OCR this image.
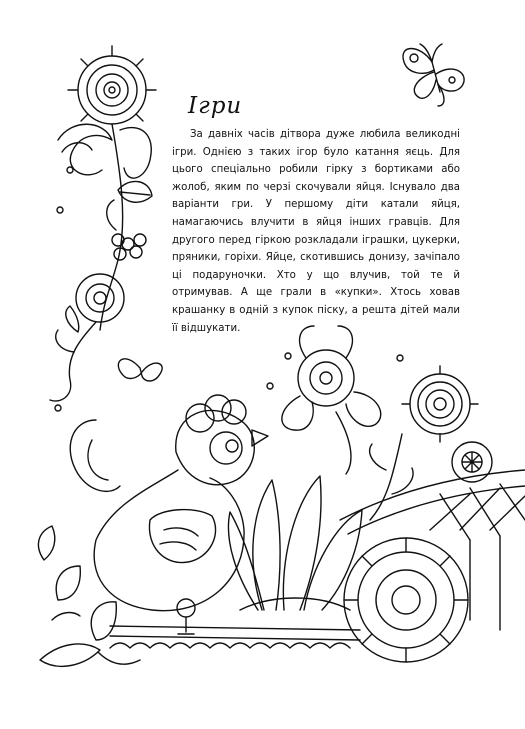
Ігри

За давніх часів дітвора дуже любила великодні ігри. Однією з таких ігор було катання яєць. Для цього спеціально робили гірку з бортиками або жолоб, яким по черзі скочували яйця. Існувало два варіанти гри. У першому діти катали яйця, намагаючись влучити в яйця інших гравців. Для другого перед гіркою розкладали іграшки, цукерки, пряники, горіхи. Яйце, скотившись донизу, зачіпало ці подаруночки. Хто у що влучив, той те й отримував. А ще грали в «купки». Хтось ховав крашанку в одній з купок піску, а решта дітей мали її відшукати.
